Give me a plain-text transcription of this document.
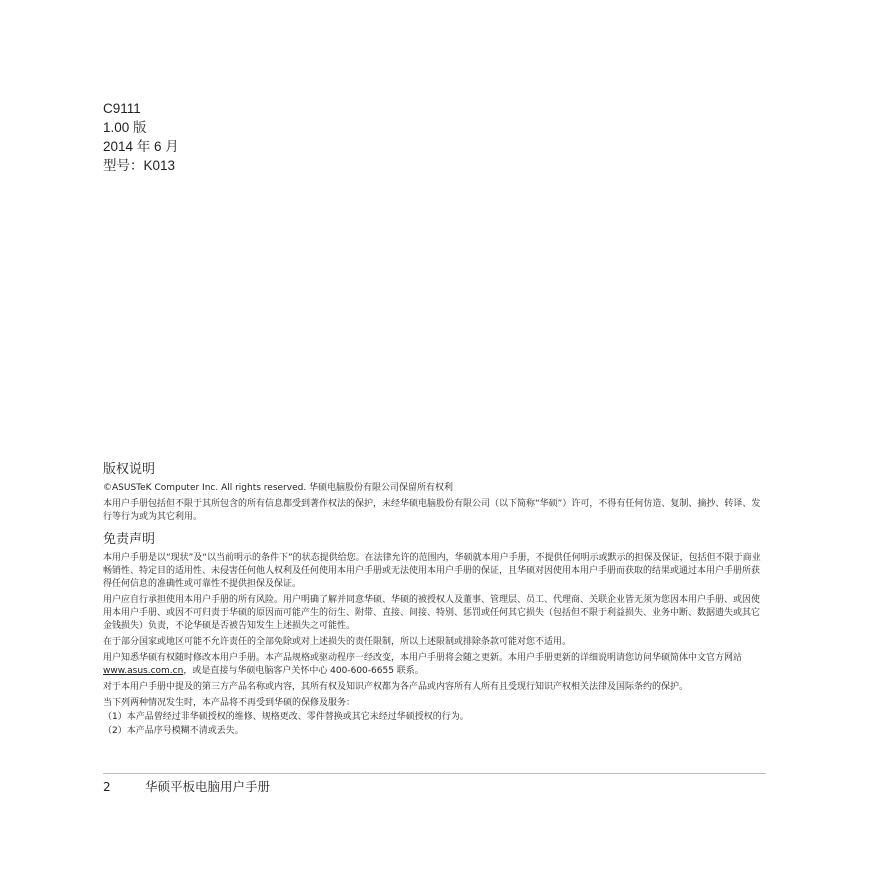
C9111
1.00 版
2014 年 6 月
型号：K013
版权说明
©ASUSTeK Computer Inc. All rights reserved. 华硕电脑股份有限公司保留所有权利
本用户手册包括但不限于其所包含的所有信息都受到著作权法的保护，未经华硕电脑股份有限公司（以下简称“华硕”）许可，不得有任何仿造、复制、摘抄、转译、发行等行为或为其它利用。
免责声明
本用户手册是以“现状”及“以当前明示的条件下”的状态提供给您。在法律允许的范围内，华硕就本用户手册，不提供任何明示或默示的担保及保证，包括但不限于商业畅销性、特定目的适用性、未侵害任何他人权利及任何使用本用户手册或无法使用本用户手册的保证，且华硕对因使用本用户手册而获取的结果或通过本用户手册所获得任何信息的准确性或可靠性不提供担保及保证。
用户应自行承担使用本用户手册的所有风险。用户明确了解并同意华硕、华硕的被授权人及董事、管理层、员工、代理商、关联企业皆无须为您因本用户手册、或因使用本用户手册、或因不可归责于华硕的原因而可能产生的衍生、附带、直接、间接、特别、惩罚或任何其它损失（包括但不限于利益损失、业务中断、数据遗失或其它金钱损失）负责，不论华硕是否被告知发生上述损失之可能性。
在于部分国家或地区可能不允许责任的全部免除或对上述损失的责任限制，所以上述限制或排除条款可能对您不适用。
用户知悉华硕有权随时修改本用户手册。本产品规格或驱动程序一经改变，本用户手册将会随之更新。本用户手册更新的详细说明请您访问华硕简体中文官方网站 www.asus.com.cn，或是直接与华硕电脑客户关怀中心 400-600-6655 联系。
对于本用户手册中提及的第三方产品名称或内容，其所有权及知识产权都为各产品或内容所有人所有且受现行知识产权相关法律及国际条约的保护。
当下列两种情况发生时，本产品将不再受到华硕的保修及服务：
（1）本产品曾经过非华硕授权的维修、规格更改、零件替换或其它未经过华硕授权的行为。
（2）本产品序号模糊不清或丢失。
2	华硕平板电脑用户手册
